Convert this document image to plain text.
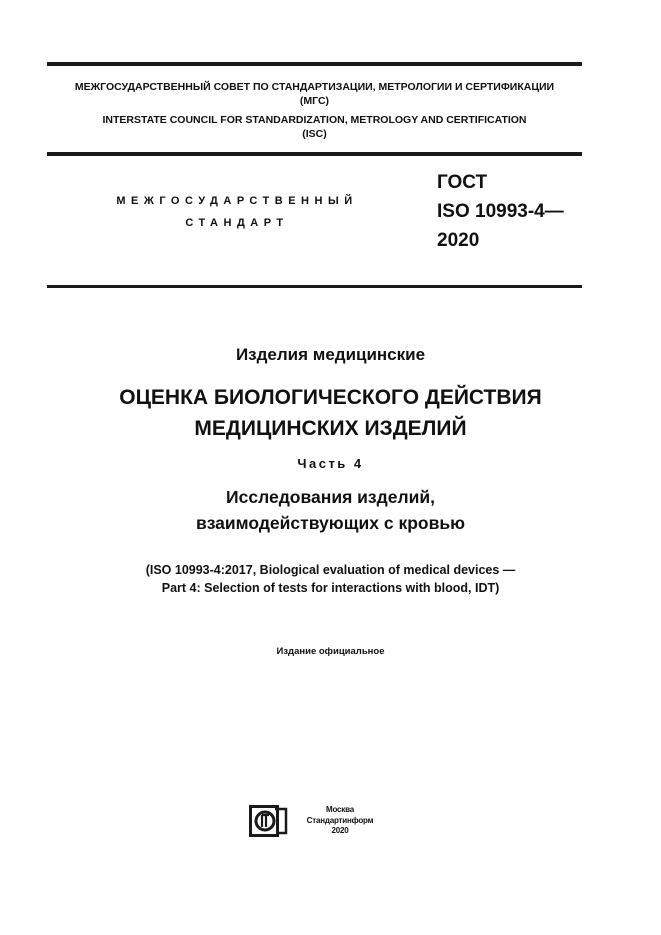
МЕЖГОСУДАРСТВЕННЫЙ СОВЕТ ПО СТАНДАРТИЗАЦИИ, МЕТРОЛОГИИ И СЕРТИФИКАЦИИ
(МГС)
INTERSTATE COUNCIL FOR STANDARDIZATION, METROLOGY AND CERTIFICATION
(ISC)
МЕЖГОСУДАРСТВЕННЫЙ
СТАНДАРТ
ГОСТ
ISO 10993-4—
2020
Изделия медицинские
ОЦЕНКА БИОЛОГИЧЕСКОГО ДЕЙСТВИЯ
МЕДИЦИНСКИХ ИЗДЕЛИЙ
Часть 4
Исследования изделий,
взаимодействующих с кровью
(ISO 10993-4:2017, Biological evaluation of medical devices —
Part 4: Selection of tests for interactions with blood, IDT)
Издание официальное
Москва
Стандартинформ
2020
